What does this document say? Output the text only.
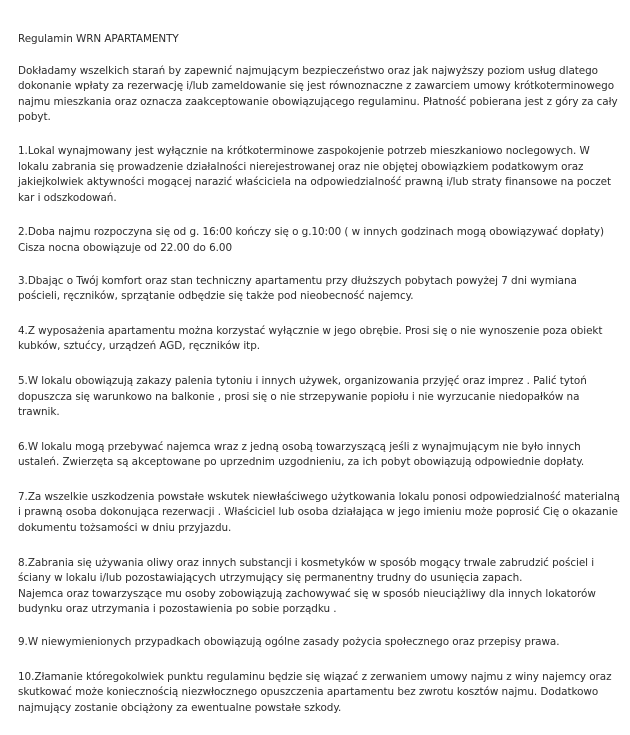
Regulamin WRN APARTAMENTY

Dokładamy wszelkich starań by zapewnić najmującym bezpieczeństwo oraz jak najwyższy poziom usług dlatego dokonanie wpłaty za rezerwację i/lub zameldowanie się jest równoznaczne z zawarciem umowy krótkoterminowego najmu mieszkania oraz oznacza zaakceptowanie obowiązującego regulaminu. Płatność pobierana jest z góry za cały pobyt.

1.Lokal wynajmowany jest wyłącznie na krótkoterminowe zaspokojenie potrzeb mieszkaniowo noclegowych. W lokalu zabrania się prowadzenie działalności nierejestrowanej oraz nie objętej obowiązkiem podatkowym oraz jakiejkolwiek aktywności mogącej narazić właściciela na odpowiedzialność prawną i/lub straty finansowe na poczet kar i odszkodowań.

2.Doba najmu rozpoczyna się od g. 16:00 kończy się o g.10:00 ( w innych godzinach mogą obowiązywać dopłaty)
Cisza nocna obowiązuje od 22.00 do 6.00

3.Dbając o Twój komfort oraz stan techniczny apartamentu przy dłuższych pobytach powyżej 7 dni wymiana pościeli, ręczników, sprzątanie odbędzie się także pod nieobecność najemcy.

4.Z wyposażenia apartamentu można korzystać wyłącznie w jego obrębie. Prosi się o nie wynoszenie poza obiekt kubków, sztućcy, urządzeń AGD, ręczników itp.

5.W lokalu obowiązują zakazy palenia tytoniu i innych używek, organizowania przyjęć oraz imprez . Palić tytoń dopuszcza się warunkowo na balkonie , prosi się o nie strzepywanie popiołu i nie wyrzucanie niedopałków na trawnik.

6.W lokalu mogą przebywać najemca wraz z jedną osobą towarzyszącą jeśli z wynajmującym nie było innych ustaleń. Zwierzęta są akceptowane po uprzednim uzgodnieniu, za ich pobyt obowiązują odpowiednie dopłaty.

7.Za wszelkie uszkodzenia powstałe wskutek niewłaściwego użytkowania lokalu ponosi odpowiedzialność materialną i prawną osoba dokonująca rezerwacji . Właściciel lub osoba działająca w jego imieniu może poprosić Cię o okazanie dokumentu tożsamości w dniu przyjazdu.

8.Zabrania się używania oliwy oraz innych substancji i kosmetyków w sposób mogący trwale zabrudzić pościel i ściany w lokalu i/lub pozostawiających utrzymujący się permanentny trudny do usunięcia zapach.
Najemca oraz towarzyszące mu osoby zobowiązują zachowywać się w sposób nieuciążliwy dla innych lokatorów budynku oraz utrzymania i pozostawienia po sobie porządku .

9.W niewymienionych przypadkach obowiązują ogólne zasady pożycia społecznego oraz przepisy prawa.

10.Złamanie któregokolwiek punktu regulaminu będzie się wiązać z zerwaniem umowy najmu z winy najemcy oraz skutkować może koniecznością niezwłocznego opuszczenia apartamentu bez zwrotu kosztów najmu. Dodatkowo najmujący zostanie obciążony za ewentualne powstałe szkody.
